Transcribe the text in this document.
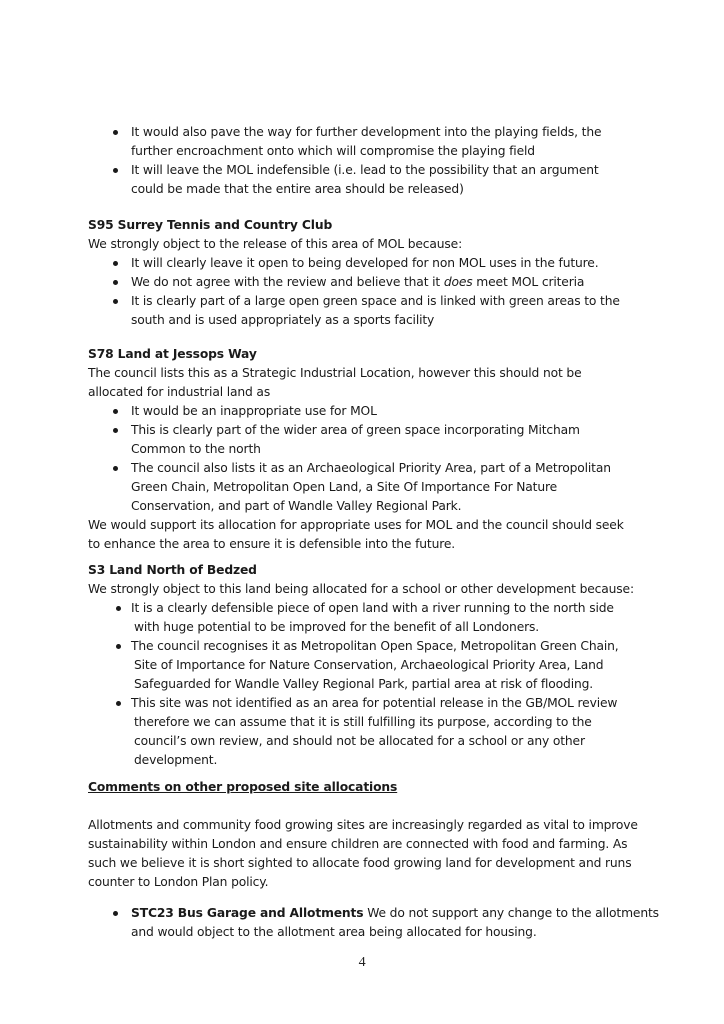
It would also pave the way for further development into the playing fields, the
further encroachment onto which will compromise the playing field
It will leave the MOL indefensible (i.e. lead to the possibility that an argument
could be made that the entire area should be released)
S95 Surrey Tennis and Country Club
We strongly object to the release of this area of MOL because:
It will clearly leave it open to being developed for non MOL uses in the future.
We do not agree with the review and believe that it does meet MOL criteria
It is clearly part of a large open green space and is linked with green areas to the
south and is used appropriately as a sports facility
S78 Land at Jessops Way
The council lists this as a Strategic Industrial Location, however this should not be
allocated for industrial land as
It would be an inappropriate use for MOL
This is clearly part of the wider area of green space incorporating Mitcham
Common to the north
The council also lists it as an Archaeological Priority Area, part of a Metropolitan
Green Chain, Metropolitan Open Land, a Site Of Importance For Nature
Conservation, and part of Wandle Valley Regional Park.
We would support its allocation for appropriate uses for MOL and the council should seek
to enhance the area to ensure it is defensible into the future.
S3 Land North of Bedzed
We strongly object to this land being allocated for a school or other development because:
It is a clearly defensible piece of open land with a river running to the north side
with huge potential to be improved for the benefit of all Londoners.
The council recognises it as Metropolitan Open Space, Metropolitan Green Chain,
Site of Importance for Nature Conservation, Archaeological Priority Area, Land
Safeguarded for Wandle Valley Regional Park, partial area at risk of flooding.
This site was not identified as an area for potential release in the GB/MOL review
therefore we can assume that it is still fulfilling its purpose, according to the
council’s own review, and should not be allocated for a school or any other
development.
Comments on other proposed site allocations
Allotments and community food growing sites are increasingly regarded as vital to improve
sustainability within London and ensure children are connected with food and farming. As
such we believe it is short sighted to allocate food growing land for development and runs
counter to London Plan policy.
STC23 Bus Garage and Allotments We do not support any change to the allotments
and would object to the allotment area being allocated for housing.
4
